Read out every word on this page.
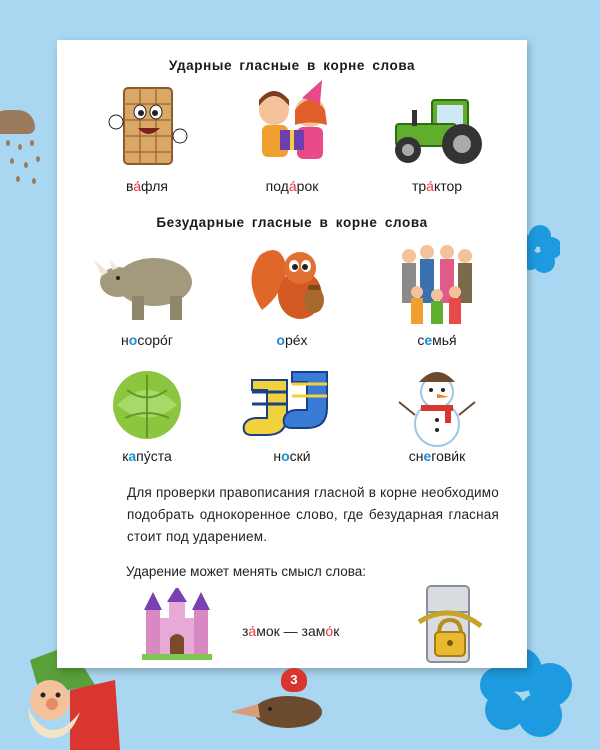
Ударные гласные в корне слова
ва́фля	пода́рок	тра́ктор
Безударные гласные в корне слова
носоро́г	оре́х	семья́
капу́ста	носки́	снегови́к
Для проверки правописания гласной в корне необходимо подобрать однокоренное слово, где безударная гласная стоит под ударением.
Ударение может менять смысл слова:
за́мок — замо́к
3
